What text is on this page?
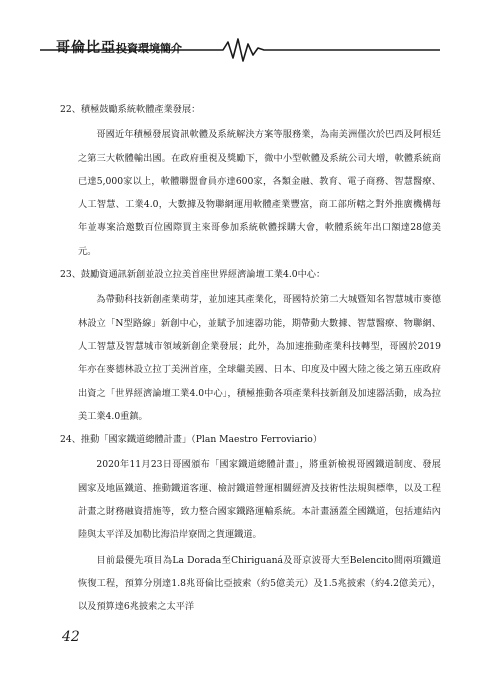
哥倫比亞 投資環境簡介
22、積極鼓勵系統軟體產業發展：
哥國近年積極發展資訊軟體及系統解決方案等服務業，為南美洲僅次於巴西及阿根廷之第三大軟體輸出國。在政府重視及獎勵下，微中小型軟體及系統公司大增，軟體系統商已達5,000家以上，軟體聯盟會員亦達600家，各類金融、教育、電子商務、智慧醫療、人工智慧、工業4.0，大數據及物聯網運用軟體產業豐富，商工部所轄之對外推廣機構每年並專案洽邀數百位國際買主來哥參加系統軟體採購大會，軟體系統年出口額達28億美元。
23、鼓勵資通訊新創並設立拉美首座世界經濟論壇工業4.0中心：
為帶動科技新創產業萌芽，並加速其產業化，哥國特於第二大城暨知名智慧城市麥德林設立「N型路線」新創中心，並賦予加速器功能，期帶動大數據、智慧醫療、物聯網、人工智慧及智慧城市領域新創企業發展；此外，為加速推動產業科技轉型，哥國於2019年亦在麥德林設立拉丁美洲首座，全球繼美國、日本、印度及中國大陸之後之第五座政府出資之「世界經濟論壇工業4.0中心」，積極推動各項產業科技新創及加速器活動，成為拉美工業4.0重鎮。
24、推動「國家鐵道總體計畫」（Plan Maestro Ferroviario）
2020年11月23日哥國頒布「國家鐵道總體計畫」，將重新檢視哥國鐵道制度、發展國家及地區鐵道、推動鐵道客運、檢討鐵道營運相關經濟及技術性法規與標準，以及工程計畫之財務融資措施等，致力整合國家鐵路運輸系統。本計畫涵蓋全國鐵道，包括連結內陸與太平洋及加勒比海沿岸寮間之貨運鐵道。
目前最優先項目為La Dorada至Chiriguaná及哥京波哥大至Belencito間兩項鐵道恢復工程，預算分別達1.8兆哥倫比亞披索（約5億美元）及1.5兆披索（約4.2億美元），以及預算達6兆披索之太平洋
42
